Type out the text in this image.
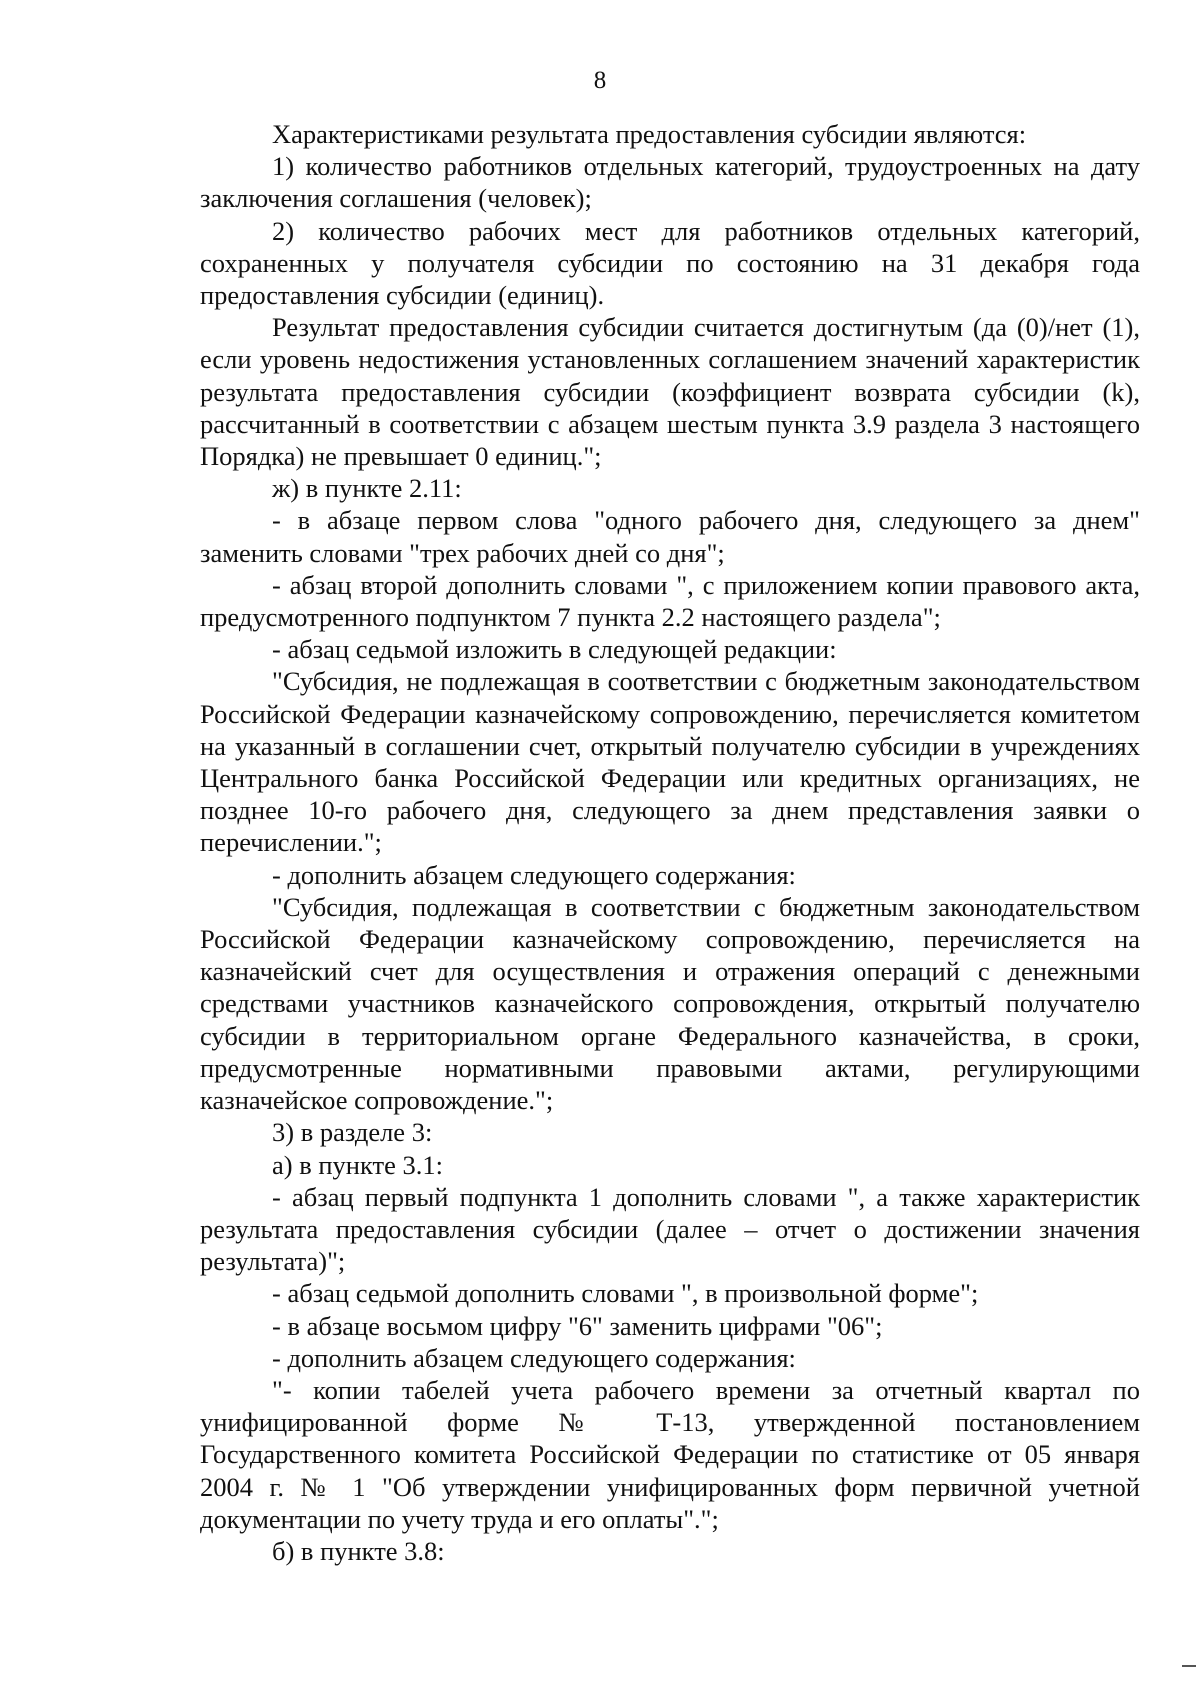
8

Характеристиками результата предоставления субсидии являются:

1) количество работников отдельных категорий, трудоустроенных на дату заключения соглашения (человек);

2) количество рабочих мест для работников отдельных категорий, сохраненных у получателя субсидии по состоянию на 31 декабря года предоставления субсидии (единиц).

Результат предоставления субсидии считается достигнутым (да (0)/нет (1), если уровень недостижения установленных соглашением значений характеристик результата предоставления субсидии (коэффициент возврата субсидии (k), рассчитанный в соответствии с абзацем шестым пункта 3.9 раздела 3 настоящего Порядка) не превышает 0 единиц.";

ж) в пункте 2.11:

- в абзаце первом слова "одного рабочего дня, следующего за днем" заменить словами "трех рабочих дней со дня";

- абзац второй дополнить словами ", с приложением копии правового акта, предусмотренного подпунктом 7 пункта 2.2 настоящего раздела";

- абзац седьмой изложить в следующей редакции:

"Субсидия, не подлежащая в соответствии с бюджетным законодательством Российской Федерации казначейскому сопровождению, перечисляется комитетом на указанный в соглашении счет, открытый получателю субсидии в учреждениях Центрального банка Российской Федерации или кредитных организациях, не позднее 10-го рабочего дня, следующего за днем представления заявки о перечислении.";

- дополнить абзацем следующего содержания:

"Субсидия, подлежащая в соответствии с бюджетным законодательством Российской Федерации казначейскому сопровождению, перечисляется на казначейский счет для осуществления и отражения операций с денежными средствами участников казначейского сопровождения, открытый получателю субсидии в территориальном органе Федерального казначейства, в сроки, предусмотренные нормативными правовыми актами, регулирующими казначейское сопровождение.";

3) в разделе 3:

а) в пункте 3.1:

- абзац первый подпункта 1 дополнить словами ", а также характеристик результата предоставления субсидии (далее – отчет о достижении значения результата)";

- абзац седьмой дополнить словами ", в произвольной форме";

- в абзаце восьмом цифру "6" заменить цифрами "06";

- дополнить абзацем следующего содержания:

"- копии табелей учета рабочего времени за отчетный квартал по унифицированной форме № Т-13, утвержденной постановлением Государственного комитета Российской Федерации по статистике от 05 января 2004 г. № 1 "Об утверждении унифицированных форм первичной учетной документации по учету труда и его оплаты".";

б) в пункте 3.8:
